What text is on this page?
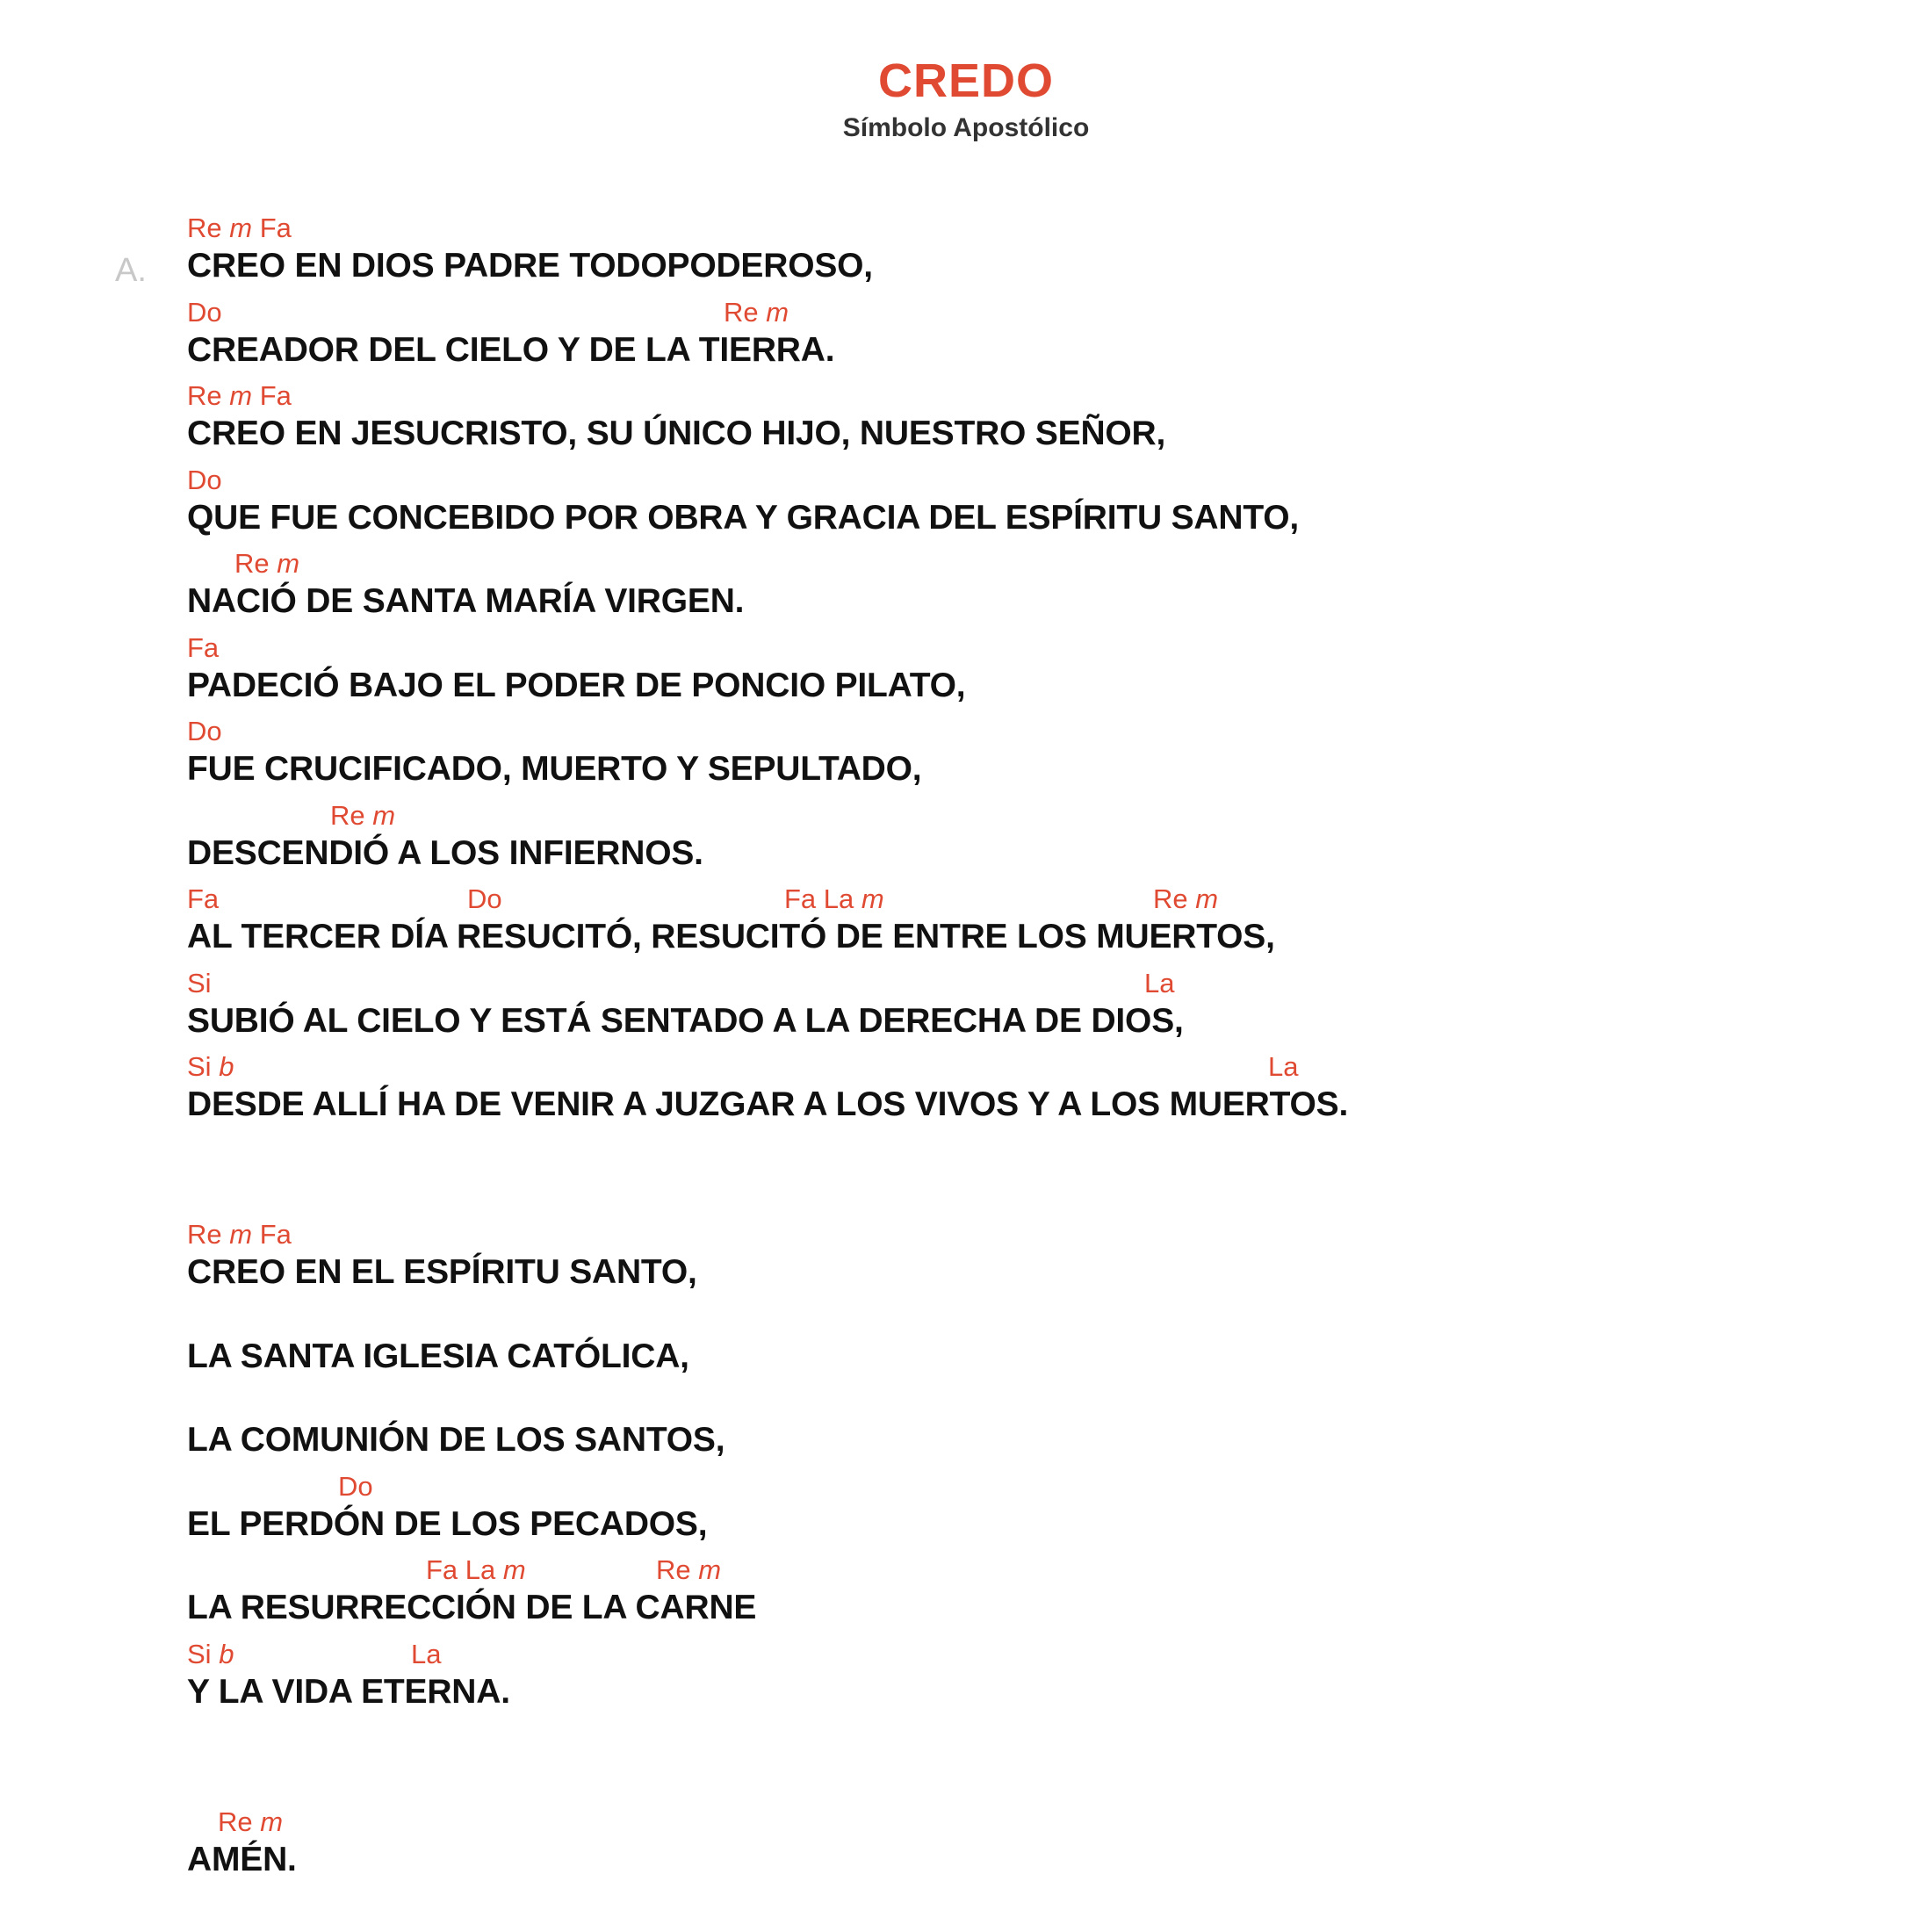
CREDO
Símbolo Apostólico
A.
Re m Fa
CREO EN DIOS PADRE TODOPODEROSO,
Do	Re m
CREADOR DEL CIELO Y DE LA TIERRA.
Re m Fa
CREO EN JESUCRISTO, SU ÚNICO HIJO, NUESTRO SEÑOR,
Do
QUE FUE CONCEBIDO POR OBRA Y GRACIA DEL ESPÍRITU SANTO,
Re m
NACIÓ DE SANTA MARÍA VIRGEN.
Fa
PADECIÓ BAJO EL PODER DE PONCIO PILATO,
Do
FUE CRUCIFICADO, MUERTO Y SEPULTADO,
Re m
DESCENDIÓ A LOS INFIERNOS.
Fa	Do	Fa La m	Re m
AL TERCER DÍA RESUCITÓ, RESUCITÓ DE ENTRE LOS MUERTOS,
Si	La
SUBIÓ AL CIELO Y ESTÁ SENTADO A LA DERECHA DE DIOS,
Si b	La
DESDE ALLÍ HA DE VENIR A JUZGAR A LOS VIVOS Y A LOS MUERTOS.
Re m Fa
CREO EN EL ESPÍRITU SANTO,
LA SANTA IGLESIA CATÓLICA,
LA COMUNIÓN DE LOS SANTOS,
Do
EL PERDÓN DE LOS PECADOS,
Fa La m	Re m
LA RESURRECCIÓN DE LA CARNE
Si b	La
Y LA VIDA ETERNA.
Re m
AMÉN.
